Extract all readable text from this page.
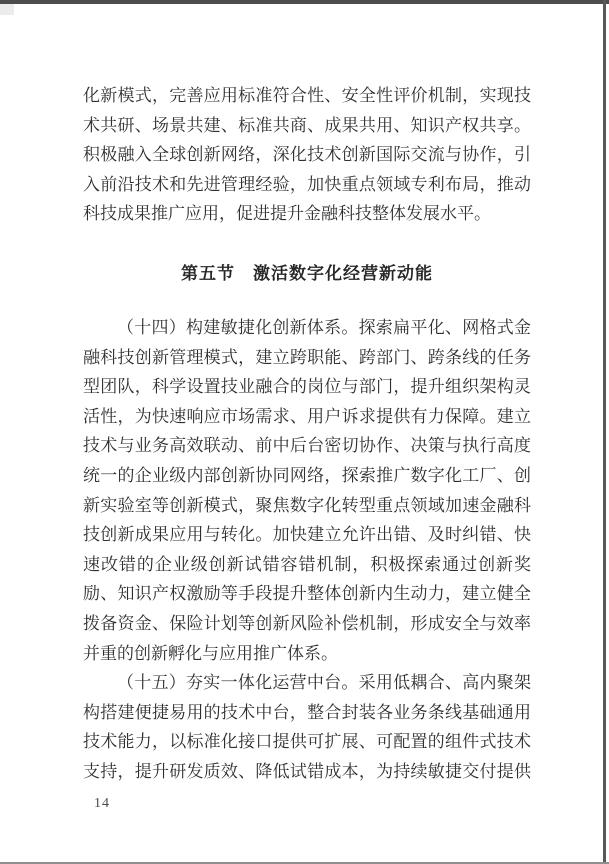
化新模式，完善应用标准符合性、安全性评价机制，实现技
术共研、场景共建、标准共商、成果共用、知识产权共享。
积极融入全球创新网络，深化技术创新国际交流与协作，引
入前沿技术和先进管理经验，加快重点领域专利布局，推动
科技成果推广应用，促进提升金融科技整体发展水平。
第五节　激活数字化经营新动能
（十四）构建敏捷化创新体系。探索扁平化、网格式金
融科技创新管理模式，建立跨职能、跨部门、跨条线的任务
型团队，科学设置技业融合的岗位与部门，提升组织架构灵
活性，为快速响应市场需求、用户诉求提供有力保障。建立
技术与业务高效联动、前中后台密切协作、决策与执行高度
统一的企业级内部创新协同网络，探索推广数字化工厂、创
新实验室等创新模式，聚焦数字化转型重点领域加速金融科
技创新成果应用与转化。加快建立允许出错、及时纠错、快
速改错的企业级创新试错容错机制，积极探索通过创新奖
励、知识产权激励等手段提升整体创新内生动力，建立健全
拨备资金、保险计划等创新风险补偿机制，形成安全与效率
并重的创新孵化与应用推广体系。
（十五）夯实一体化运营中台。采用低耦合、高内聚架
构搭建便捷易用的技术中台，整合封装各业务条线基础通用
技术能力，以标准化接口提供可扩展、可配置的组件式技术
支持，提升研发质效、降低试错成本，为持续敏捷交付提供
14
